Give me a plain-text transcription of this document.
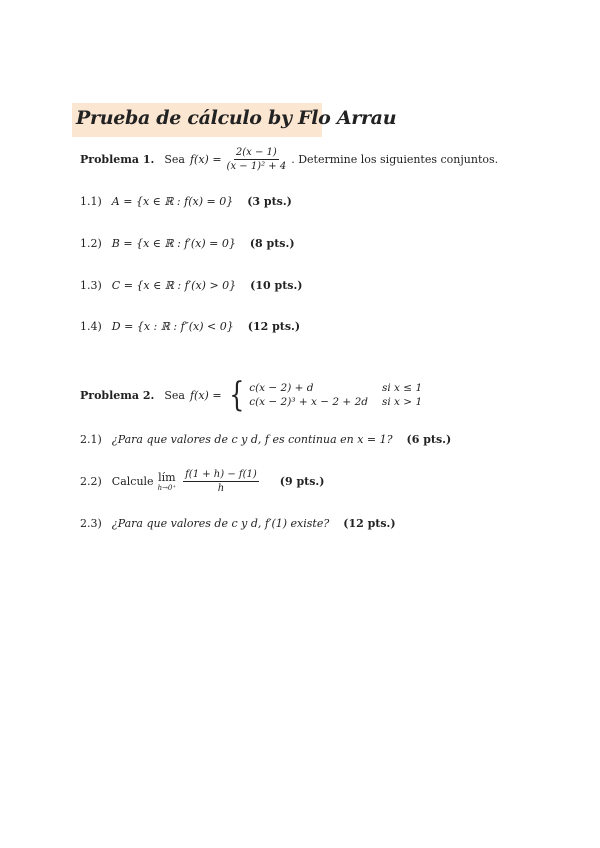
Prueba de cálculo by Flo Arrau
Problema 1. Sea $f(x) = \frac{2(x - 1)}{\text{(x − 1)² + 4}}$ . Determine los siguientes conjuntos.
1.1) A = {x ∈ ℝ : f(x) = 0} (3 pts.)
1.2) B = {x ∈ ℝ : f′(x) = 0} (8 pts.)
1.3) C = {x ∈ ℝ : f′(x) > 0} (10 pts.)
1.4) D = {x : ℝ : f″(x) < 0} (12 pts.)
Problema 2. Sea f(x) = { c(x − 2) + d	si x ≤ 1
c(x − 2)³ + x − 2 + 2d si x > 1
2.1) ¿Para que valores de c y d, f es continua en x = 1? (6 pts.)
2.2) Calcule lím
$h\to 0^+ \frac{f(1 + h) - f(1)}{h} (9$ pts.)
2.3) ¿Para que valores de c y d, f′(1) existe? (12 pts.)
